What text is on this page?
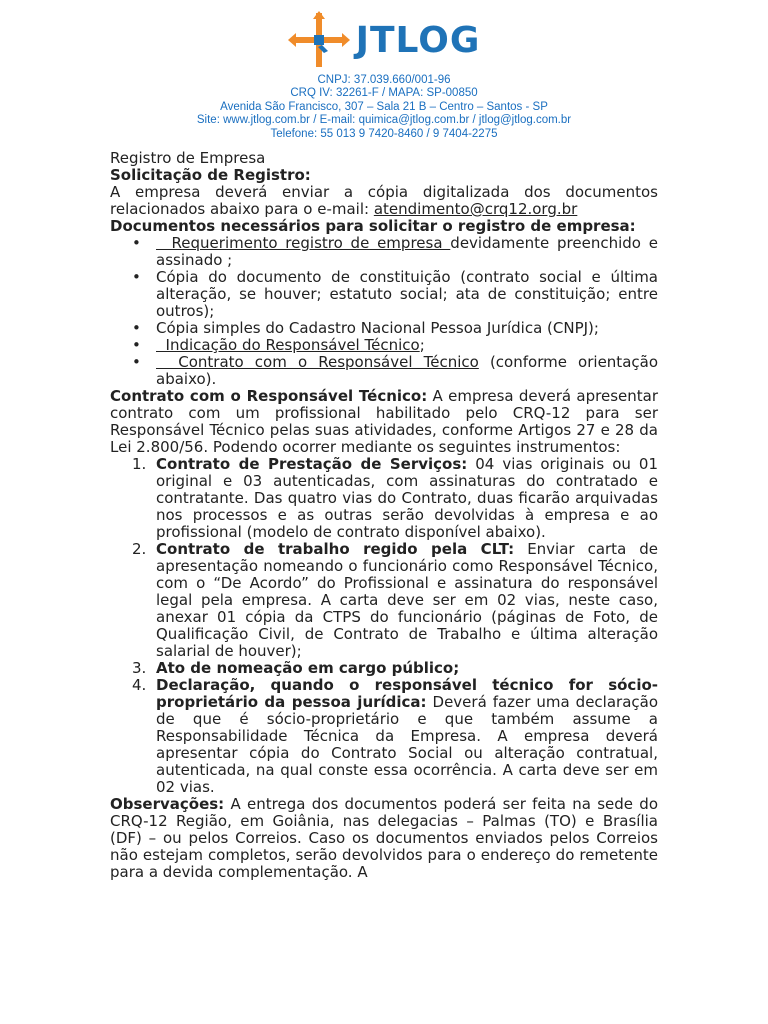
JTLOG
CNPJ: 37.039.660/001-96
CRQ IV: 32261-F / MAPA: SP-00850
Avenida São Francisco, 307 – Sala 21 B – Centro – Santos - SP
Site: www.jtlog.com.br / E-mail: quimica@jtlog.com.br / jtlog@jtlog.com.br
Telefone: 55 013 9 7420-8460 / 9 7404-2275

Registro de Empresa

Solicitação de Registro:

A empresa deverá enviar a cópia digitalizada dos documentos relacionados abaixo para o e-mail: atendimento@crq12.org.br

Documentos necessários para solicitar o registro de empresa:

• Requerimento registro de empresa devidamente preenchido e assinado ;
• Cópia do documento de constituição (contrato social e última alteração, se houver; estatuto social; ata de constituição; entre outros);
• Cópia simples do Cadastro Nacional Pessoa Jurídica (CNPJ);
• Indicação do Responsável Técnico;
• Contrato com o Responsável Técnico (conforme orientação abaixo).

Contrato com o Responsável Técnico: A empresa deverá apresentar contrato com um profissional habilitado pelo CRQ-12 para ser Responsável Técnico pelas suas atividades, conforme Artigos 27 e 28 da Lei 2.800/56. Podendo ocorrer mediante os seguintes instrumentos:

1. Contrato de Prestação de Serviços: 04 vias originais ou 01 original e 03 autenticadas, com assinaturas do contratado e contratante. Das quatro vias do Contrato, duas ficarão arquivadas nos processos e as outras serão devolvidas à empresa e ao profissional (modelo de contrato disponível abaixo).
2. Contrato de trabalho regido pela CLT: Enviar carta de apresentação nomeando o funcionário como Responsável Técnico, com o “De Acordo” do Profissional e assinatura do responsável legal pela empresa. A carta deve ser em 02 vias, neste caso, anexar 01 cópia da CTPS do funcionário (páginas de Foto, de Qualificação Civil, de Contrato de Trabalho e última alteração salarial de houver);
3. Ato de nomeação em cargo público;
4. Declaração, quando o responsável técnico for sócio-proprietário da pessoa jurídica: Deverá fazer uma declaração de que é sócio-proprietário e que também assume a Responsabilidade Técnica da Empresa. A empresa deverá apresentar cópia do Contrato Social ou alteração contratual, autenticada, na qual conste essa ocorrência. A carta deve ser em 02 vias.

Observações: A entrega dos documentos poderá ser feita na sede do CRQ-12 Região, em Goiânia, nas delegacias – Palmas (TO) e Brasília (DF) – ou pelos Correios. Caso os documentos enviados pelos Correios não estejam completos, serão devolvidos para o endereço do remetente para a devida complementação. A
